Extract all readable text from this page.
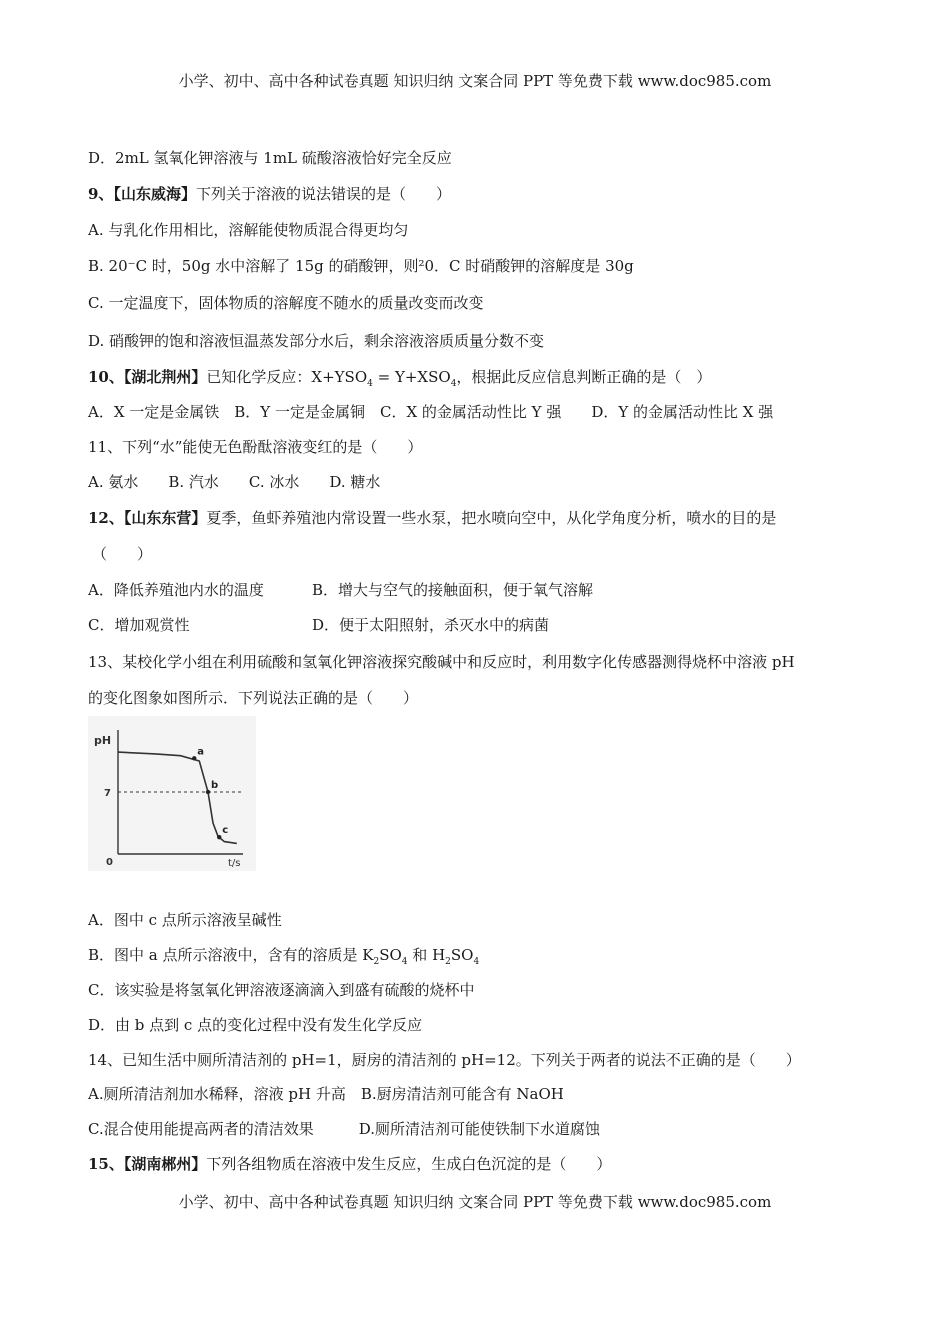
小学、初中、高中各种试卷真题 知识归纳 文案合同 PPT 等免费下载 www.doc985.com
D．2mL 氢氧化钾溶液与 1mL 硫酸溶液恰好完全反应
9、【山东威海】下列关于溶液的说法错误的是（　　）
A. 与乳化作用相比，溶解能使物质混合得更均匀
B. 20⁻C 时，50g 水中溶解了 15g 的硝酸钾，则²0．C 时硝酸钾的溶解度是 30g
C. 一定温度下，固体物质的溶解度不随水的质量改变而改变
D. 硝酸钾的饱和溶液恒温蒸发部分水后，剩余溶液溶质质量分数不变
10、【湖北荆州】已知化学反应：$X+YSO_4 = Y+XSO_4$，根据此反应信息判断正确的是（　）
A．X 一定是金属铁　B．Y 一定是金属铜　C．X 的金属活动性比 Y 强　　D．Y 的金属活动性比 X 强
11、下列“水”能使无色酚酞溶液变红的是（　　）
A. 氨水　　B. 汽水　　C. 冰水　　D. 糖水
12、【山东东营】夏季，鱼虾养殖池内常设置一些水泵，把水喷向空中，从化学角度分析，喷水的目的是
（　　）
A．降低养殖池内水的温度	B．增大与空气的接触面积，便于氧气溶解
C．增加观赏性	D．便于太阳照射，杀灭水中的病菌
13、某校化学小组在利用硫酸和氢氧化钾溶液探究酸碱中和反应时，利用数字化传感器测得烧杯中溶液 pH
的变化图象如图所示．下列说法正确的是（　　）
pH
t/s
0
7
a
b
c
A．图中 c 点所示溶液呈碱性
B．图中 a 点所示溶液中，含有的溶质是 $K_2SO_4$ 和 $H_2SO_4$
C．该实验是将氢氧化钾溶液逐滴滴入到盛有硫酸的烧杯中
D．由 b 点到 c 点的变化过程中没有发生化学反应
14、已知生活中厕所清洁剂的 pH=1，厨房的清洁剂的 pH=12。下列关于两者的说法不正确的是（　　）
A.厕所清洁剂加水稀释，溶液 pH 升高　B.厨房清洁剂可能含有 NaOH
C.混合使用能提高两者的清洁效果　　　D.厕所清洁剂可能使铁制下水道腐蚀
15、【湖南郴州】下列各组物质在溶液中发生反应，生成白色沉淀的是（　　）
小学、初中、高中各种试卷真题 知识归纳 文案合同 PPT 等免费下载 www.doc985.com
